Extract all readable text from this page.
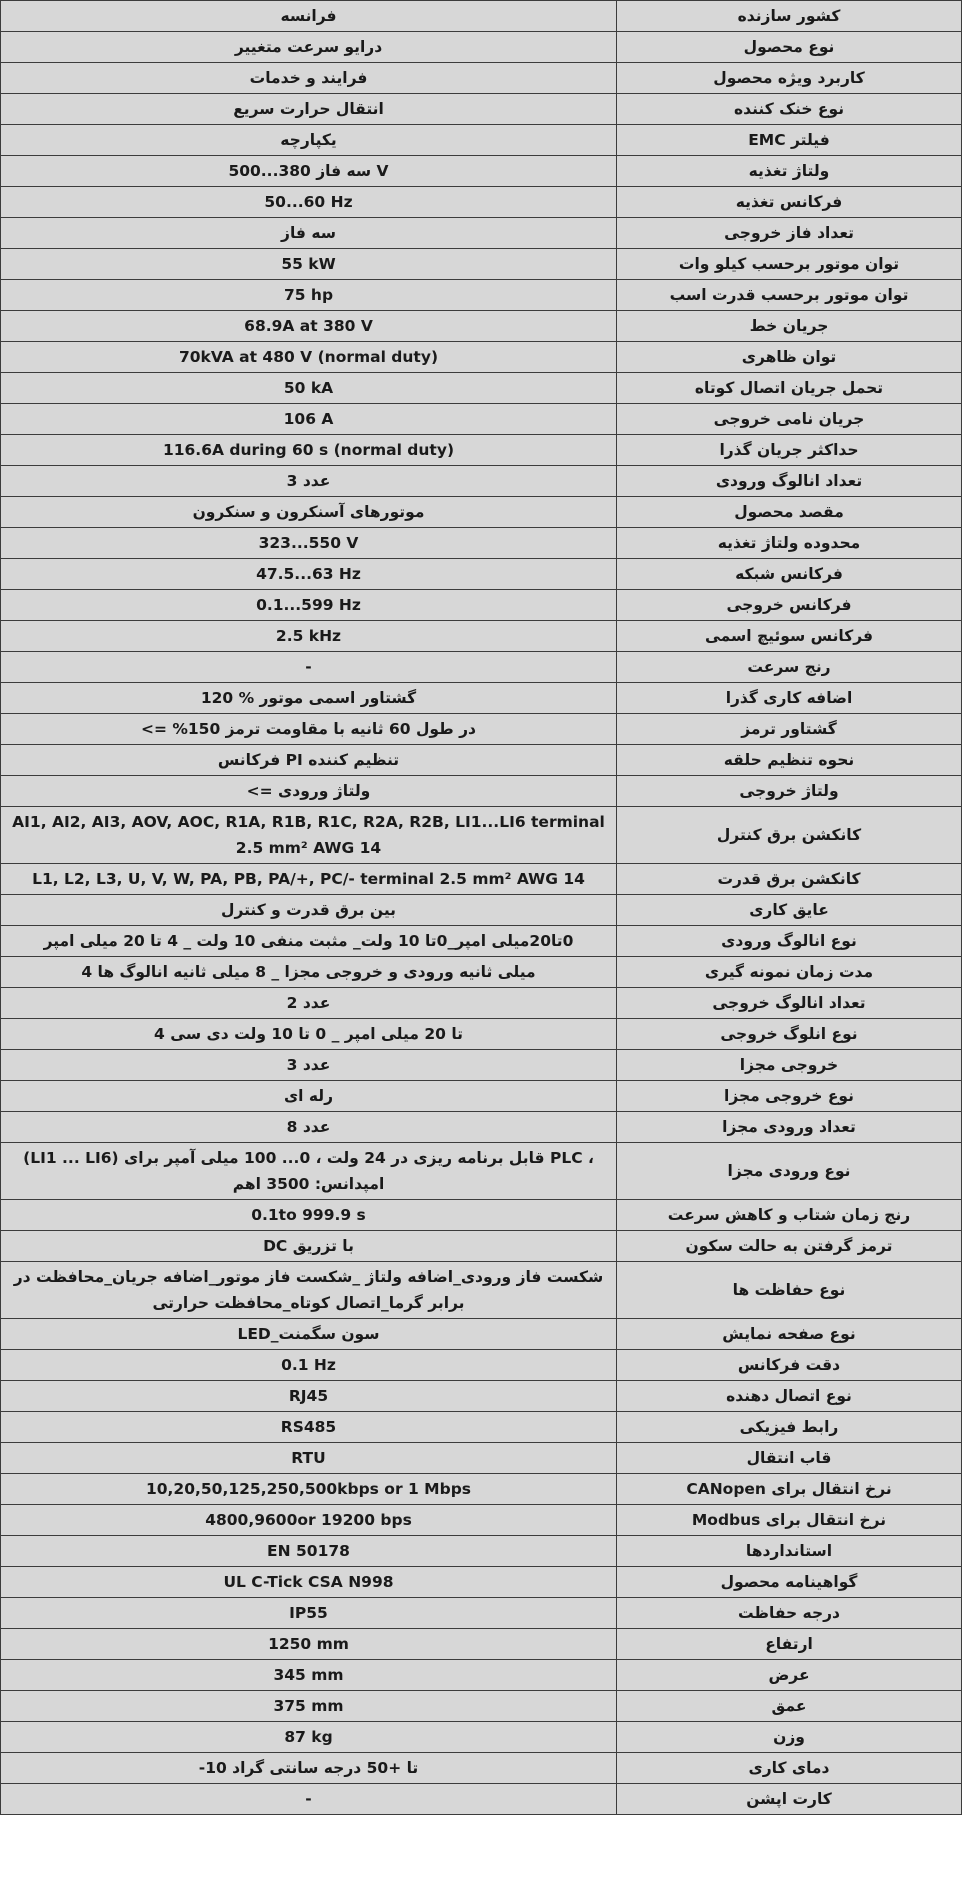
کشور سازنده	فرانسه
نوع محصول	درایو سرعت متغییر
کاربرد ویژه محصول	فرایند و خدمات
نوع خنک کننده	انتقال حرارت سریع
فیلتر EMC	یکپارچه
ولتاژ تغذیه	سه فاز 380...500 V
فرکانس تغذیه	50...60 Hz
تعداد فاز خروجی	سه فاز
توان موتور برحسب کیلو وات	55 kW
توان موتور برحسب قدرت اسب	75 hp
جریان خط	68.9A at 380 V
توان ظاهری	70kVA at 480 V (normal duty)
تحمل جریان اتصال کوتاه	50 kA
جریان نامی خروجی	106 A
حداکثر جریان گذرا	116.6A during 60 s (normal duty)
تعداد انالوگ ورودی	عدد 3
مقصد محصول	موتورهای آسنکرون و سنکرون
محدوده ولتاژ تغذیه	323...550 V
فرکانس شبکه	47.5...63 Hz
فرکانس خروجی	0.1...599 Hz
فرکانس سوئیچ اسمی	2.5 kHz
رنج سرعت	-
اضافه کاری گذرا	گشتاور اسمی موتور % 120
گشتاور ترمز	در طول 60 ثانیه با مقاومت ترمز 150% =>
نحوه تنظیم حلقه	تنظیم کننده PI فرکانس
ولتاژ خروجی	ولتاژ ورودی =>
کانکشن برق کنترل	AI1, AI2, AI3, AOV, AOC, R1A, R1B, R1C, R2A, R2B, LI1...LI6 terminal 2.5 mm² AWG 14
کانکشن برق قدرت	L1, L2, L3, U, V, W, PA, PB, PA/+, PC/- terminal 2.5 mm² AWG 14
عایق کاری	بین برق قدرت و کنترل
نوع انالوگ ورودی	0تا20میلی امپر_0تا 10 ولت_ مثبت منفی 10 ولت _ 4 تا 20 میلی امپر
مدت زمان نمونه گیری	میلی ثانیه ورودی و خروجی مجزا _ 8 میلی ثانیه انالوگ ها 4
تعداد انالوگ خروجی	عدد 2
نوع انلوگ خروجی	تا 20 میلی امپر _ 0 تا 10 ولت دی سی 4
خروجی مجزا	عدد 3
نوع خروجی مجزا	رله ای
تعداد ورودی مجزا	عدد 8
نوع ورودی مجزا	، PLC قابل برنامه ریزی در 24 ولت ، 0... 100 میلی آمپر برای (LI1 ... LI6) امپدانس: 3500 اهم
رنج زمان شتاب و کاهش سرعت	0.1to 999.9 s
ترمز گرفتن به حالت سکون	با تزریق DC
نوع حفاظت ها	شکست فاز ورودی_اضافه ولتاژ _شکست فاز موتور_اضافه جریان_محافظت در برابر گرما_اتصال کوتاه_محافظت حرارتی
نوع صفحه نمایش	سون سگمنت_LED
دقت فرکانس	0.1 Hz
نوع اتصال دهنده	RJ45
رابط فیزیکی	RS485
قاب انتقال	RTU
نرخ انتقال برای CANopen	10,20,50,125,250,500kbps or 1 Mbps
نرخ انتقال برای Modbus	4800,9600or 19200 bps
استانداردها	EN 50178
گواهینامه محصول	UL C-Tick CSA N998
درجه حفاظت	IP55
ارتفاع	1250 mm
عرض	345 mm
عمق	375 mm
وزن	87 kg
دمای کاری	تا +50 درجه سانتی گراد 10-
کارت اپشن	-
